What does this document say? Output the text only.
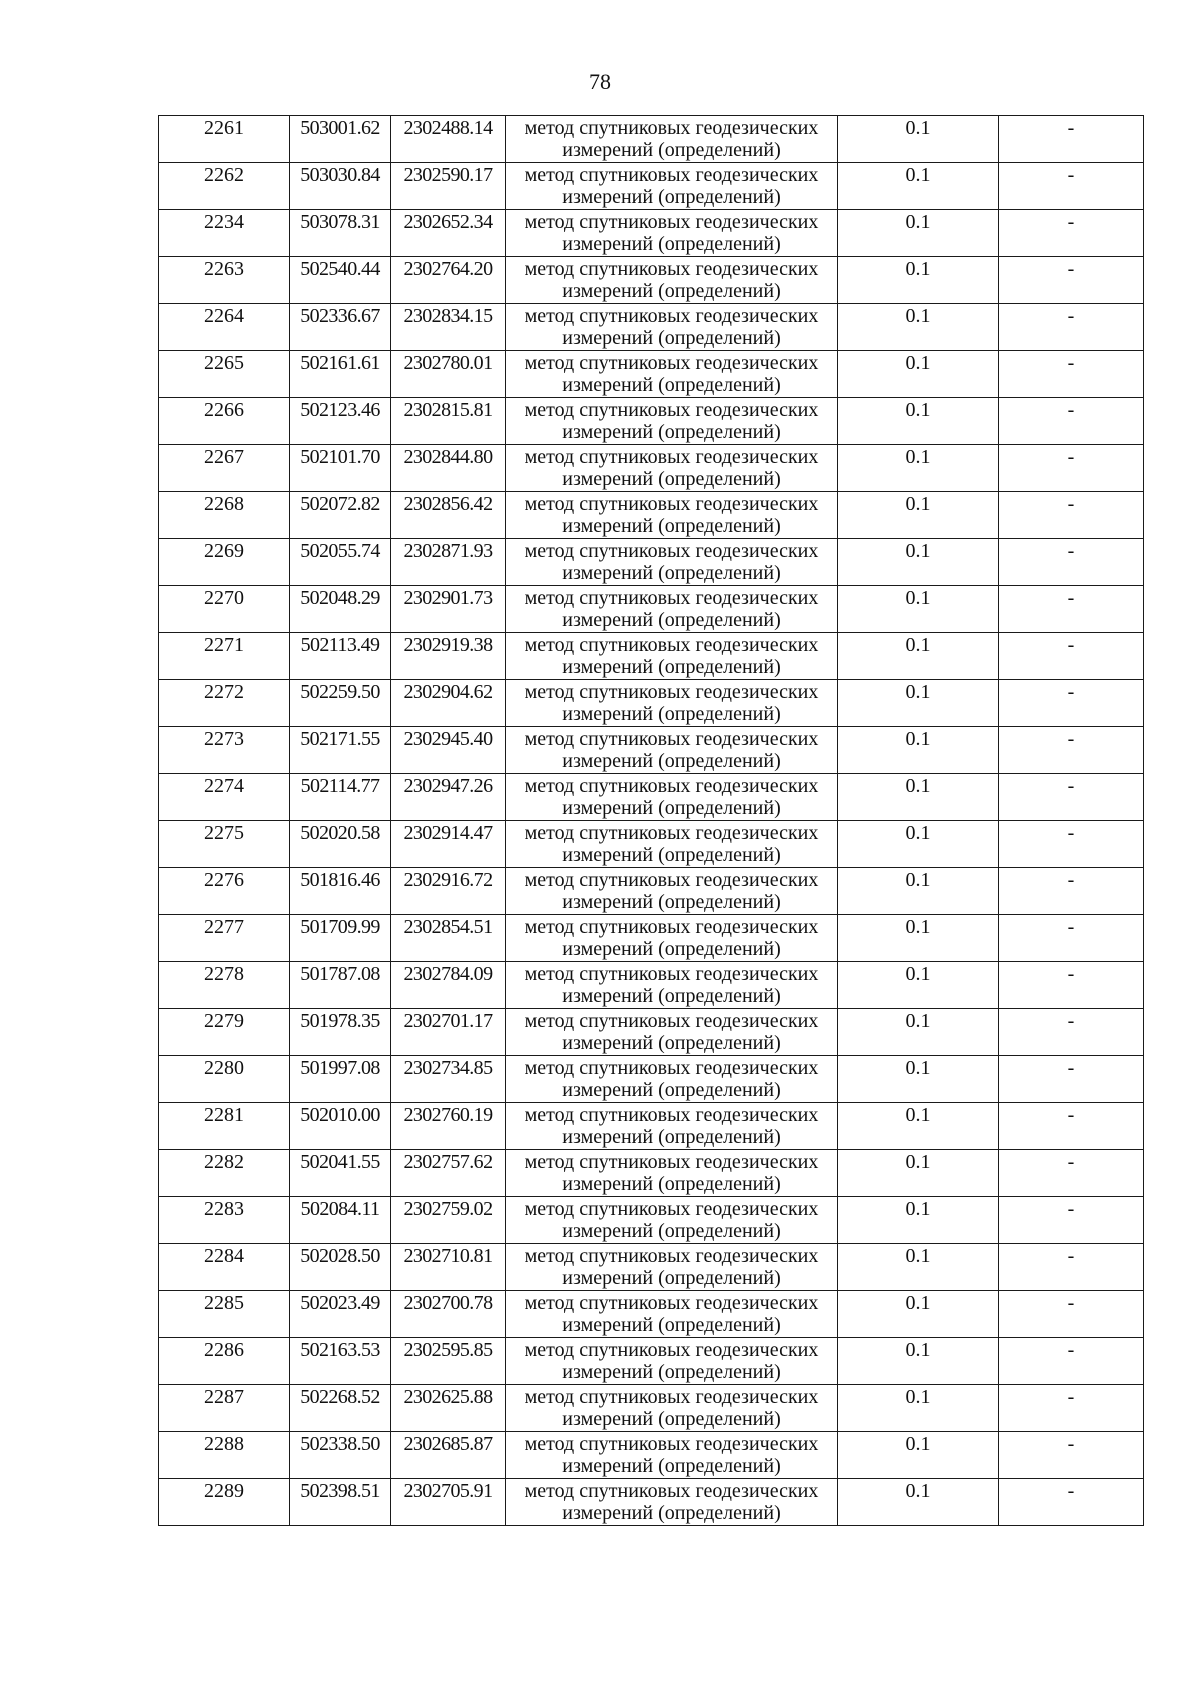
78
2261	503001.62	2302488.14	метод спутниковых геодезических измерений (определений)	0.1	-

2262	503030.84	2302590.17	метод спутниковых геодезических измерений (определений)	0.1	-

2234	503078.31	2302652.34	метод спутниковых геодезических измерений (определений)	0.1	-

2263	502540.44	2302764.20	метод спутниковых геодезических измерений (определений)	0.1	-

2264	502336.67	2302834.15	метод спутниковых геодезических измерений (определений)	0.1	-

2265	502161.61	2302780.01	метод спутниковых геодезических измерений (определений)	0.1	-

2266	502123.46	2302815.81	метод спутниковых геодезических измерений (определений)	0.1	-

2267	502101.70	2302844.80	метод спутниковых геодезических измерений (определений)	0.1	-

2268	502072.82	2302856.42	метод спутниковых геодезических измерений (определений)	0.1	-

2269	502055.74	2302871.93	метод спутниковых геодезических измерений (определений)	0.1	-

2270	502048.29	2302901.73	метод спутниковых геодезических измерений (определений)	0.1	-

2271	502113.49	2302919.38	метод спутниковых геодезических измерений (определений)	0.1	-

2272	502259.50	2302904.62	метод спутниковых геодезических измерений (определений)	0.1	-

2273	502171.55	2302945.40	метод спутниковых геодезических измерений (определений)	0.1	-

2274	502114.77	2302947.26	метод спутниковых геодезических измерений (определений)	0.1	-

2275	502020.58	2302914.47	метод спутниковых геодезических измерений (определений)	0.1	-

2276	501816.46	2302916.72	метод спутниковых геодезических измерений (определений)	0.1	-

2277	501709.99	2302854.51	метод спутниковых геодезических измерений (определений)	0.1	-

2278	501787.08	2302784.09	метод спутниковых геодезических измерений (определений)	0.1	-

2279	501978.35	2302701.17	метод спутниковых геодезических измерений (определений)	0.1	-

2280	501997.08	2302734.85	метод спутниковых геодезических измерений (определений)	0.1	-

2281	502010.00	2302760.19	метод спутниковых геодезических измерений (определений)	0.1	-

2282	502041.55	2302757.62	метод спутниковых геодезических измерений (определений)	0.1	-

2283	502084.11	2302759.02	метод спутниковых геодезических измерений (определений)	0.1	-

2284	502028.50	2302710.81	метод спутниковых геодезических измерений (определений)	0.1	-

2285	502023.49	2302700.78	метод спутниковых геодезических измерений (определений)	0.1	-

2286	502163.53	2302595.85	метод спутниковых геодезических измерений (определений)	0.1	-

2287	502268.52	2302625.88	метод спутниковых геодезических измерений (определений)	0.1	-

2288	502338.50	2302685.87	метод спутниковых геодезических измерений (определений)	0.1	-

2289	502398.51	2302705.91	метод спутниковых геодезических измерений (определений)	0.1	-
